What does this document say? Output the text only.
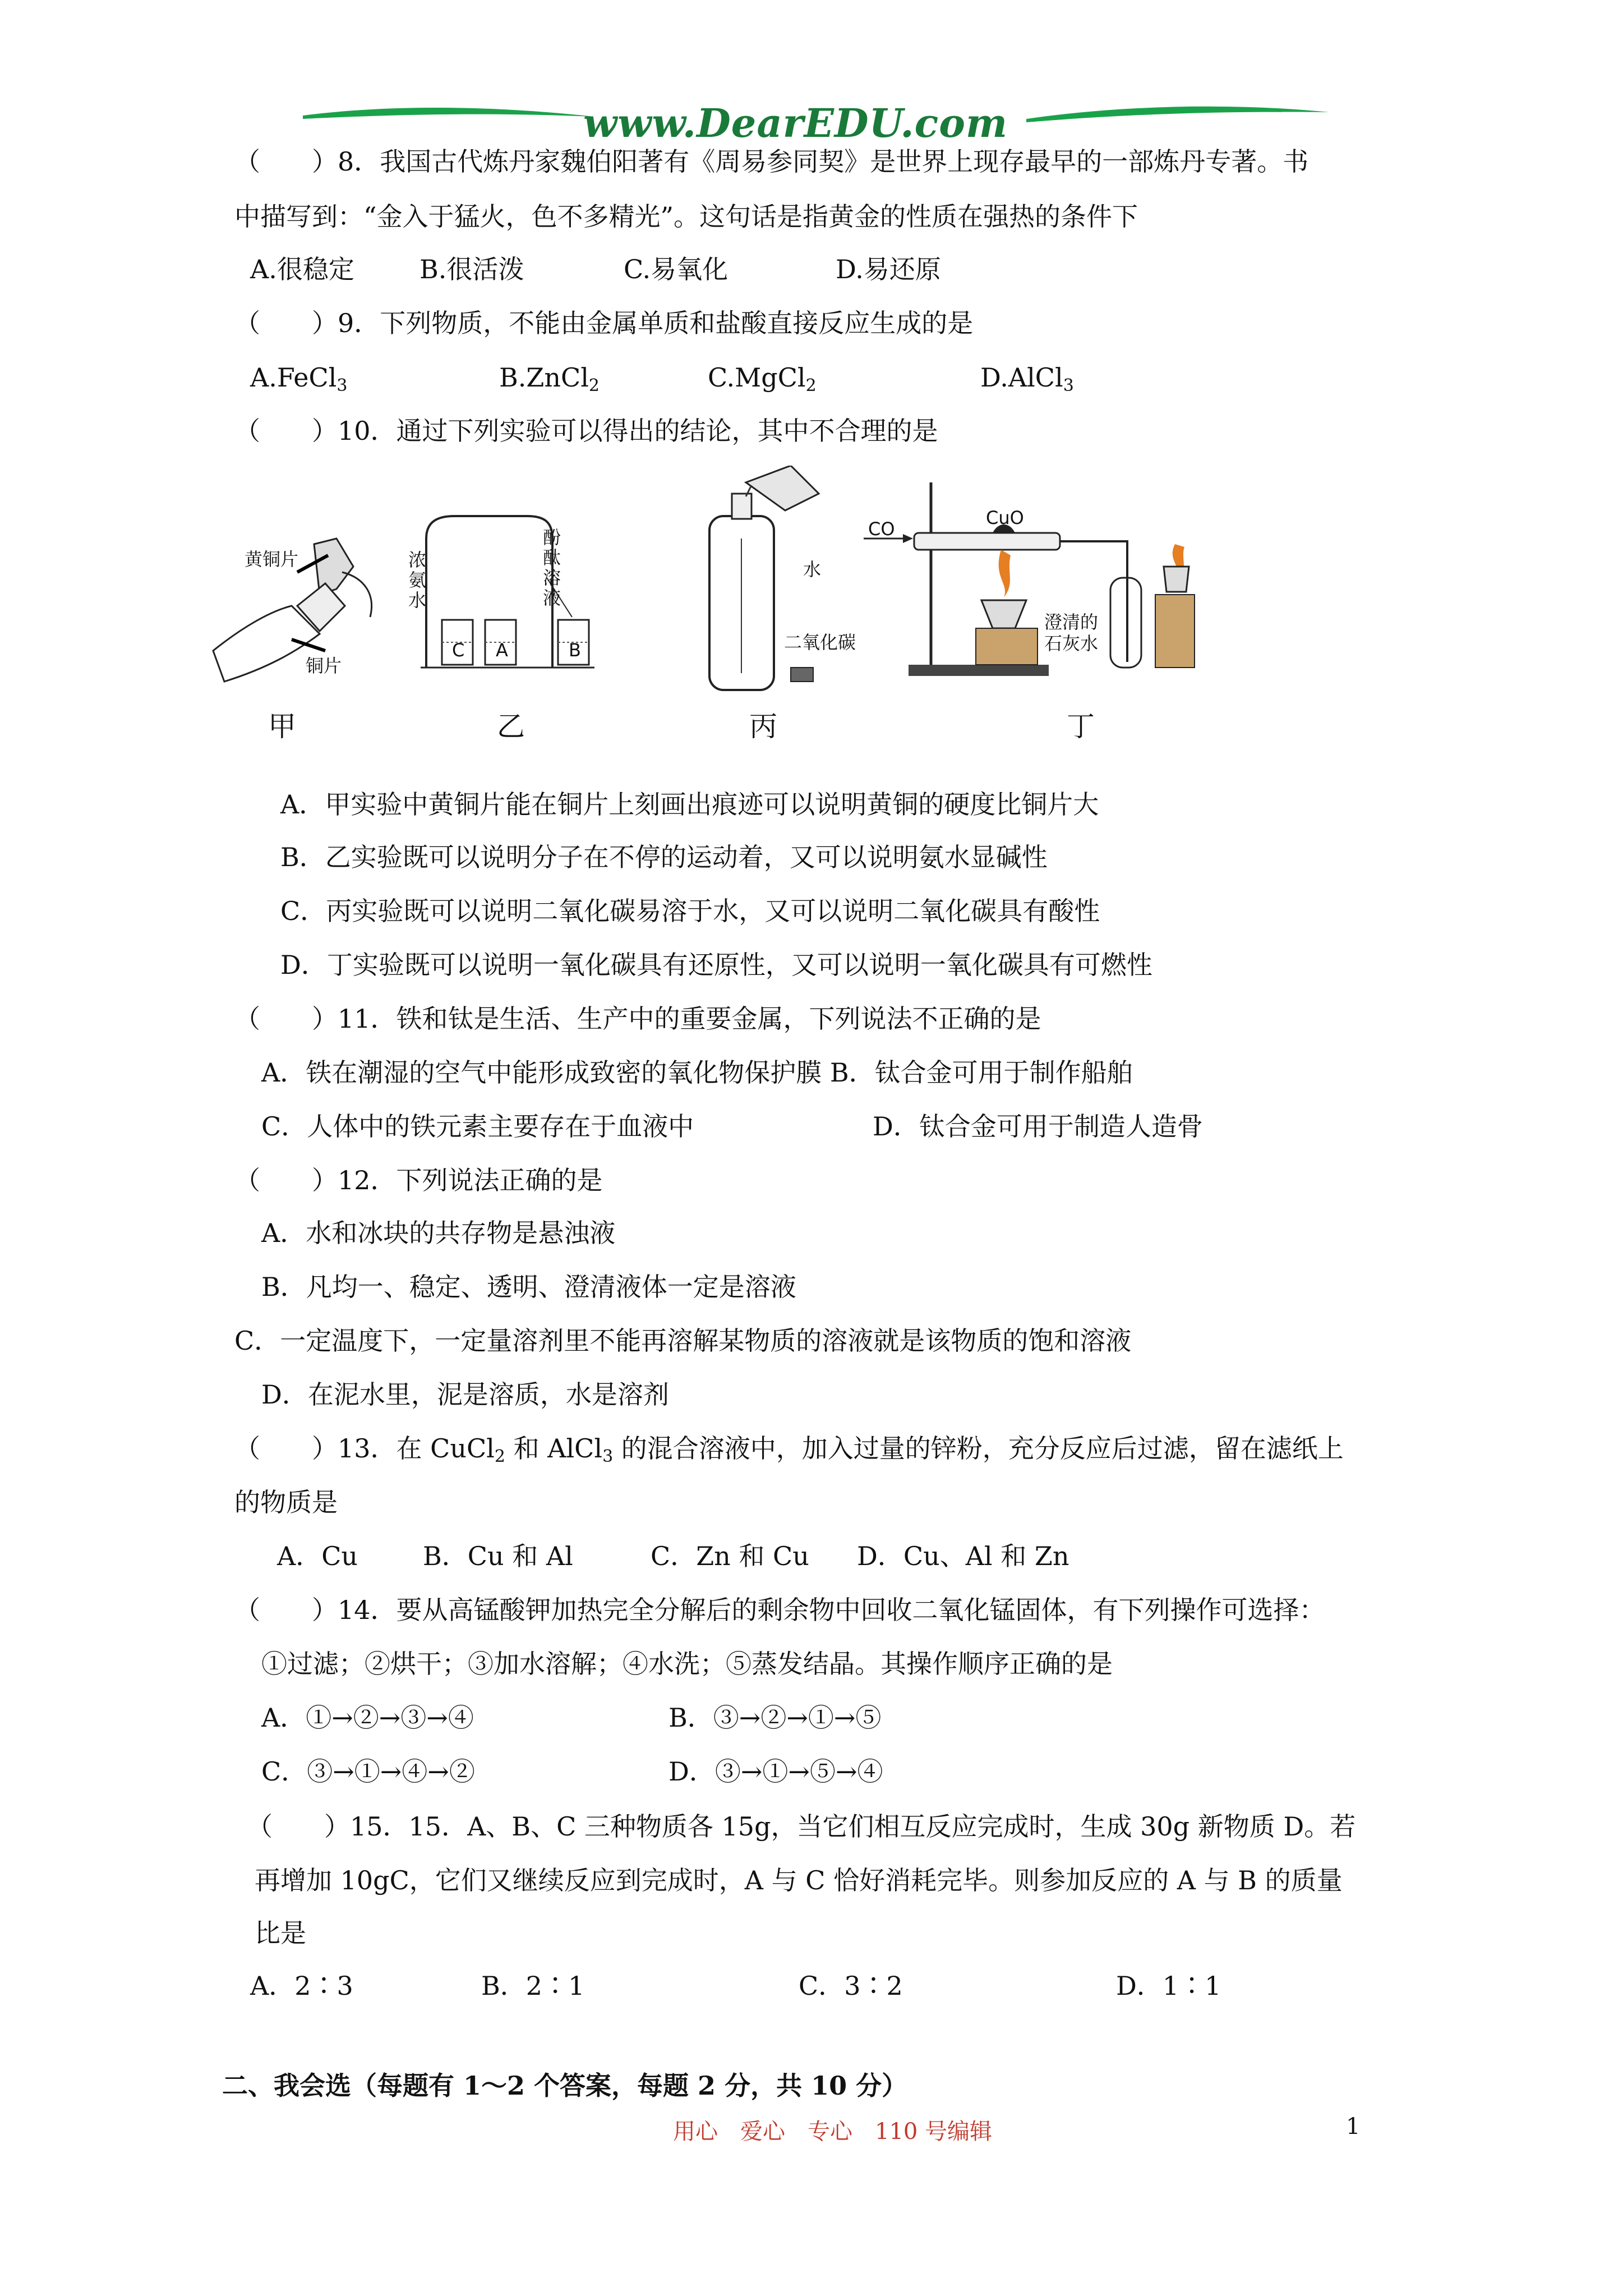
www.DearEDU.com
（　　）8．我国古代炼丹家魏伯阳著有《周易参同契》是世界上现存最早的一部炼丹专著。书
中描写到：“金入于猛火，色不多精光”。这句话是指黄金的性质在强热的条件下
A.很稳定	B.很活泼	C.易氧化	D.易还原
（　　）9．下列物质，不能由金属单质和盐酸直接反应生成的是
A.FeCl$_3$	B.ZnCl$_2$	C.MgCl$_2$	D.AlCl$_3$
（　　）10．通过下列实验可以得出的结论，其中不合理的是
黄铜片
铜片
甲
浓氨水
酚酞溶液
C A	B
乙
水
二氧化碳
丙
CO
CuO
澄清的石灰水
丁
A．甲实验中黄铜片能在铜片上刻画出痕迹可以说明黄铜的硬度比铜片大
B．乙实验既可以说明分子在不停的运动着，又可以说明氨水显碱性
C．丙实验既可以说明二氧化碳易溶于水，又可以说明二氧化碳具有酸性
D．丁实验既可以说明一氧化碳具有还原性，又可以说明一氧化碳具有可燃性
（　　）11．铁和钛是生活、生产中的重要金属，下列说法不正确的是
A．铁在潮湿的空气中能形成致密的氧化物保护膜 B．钛合金可用于制作船舶
C．人体中的铁元素主要存在于血液中	D．钛合金可用于制造人造骨
（　　）12．下列说法正确的是
A．水和冰块的共存物是悬浊液
B．凡均一、稳定、透明、澄清液体一定是溶液
C．一定温度下，一定量溶剂里不能再溶解某物质的溶液就是该物质的饱和溶液
D．在泥水里，泥是溶质，水是溶剂
（　　）13．在 CuCl$_2$ 和 AlCl$_3$ 的混合溶液中，加入过量的锌粉，充分反应后过滤，留在滤纸上
的物质是
A．Cu	B．Cu 和 Al	C．Zn 和 Cu D．Cu、Al 和 Zn
（　　）14．要从高锰酸钾加热完全分解后的剩余物中回收二氧化锰固体，有下列操作可选择：
①过滤；②烘干；③加水溶解；④水洗；⑤蒸发结晶。其操作顺序正确的是
A．①→②→③→④	B．③→②→①→⑤
C．③→①→④→②	D．③→①→⑤→④
（　　）15．15．A、B、C 三种物质各 15g，当它们相互反应完成时，生成 30g 新物质 D。若
再增加 10gC，它们又继续反应到完成时，A 与 C 恰好消耗完毕。则参加反应的 A 与 B 的质量
比是
A．2∶3	B．2∶1	C．3∶2	D．1∶1
二、我会选（每题有 1～2 个答案，每题 2 分，共 10 分）
用心　爱心　专心　110 号编辑	1
